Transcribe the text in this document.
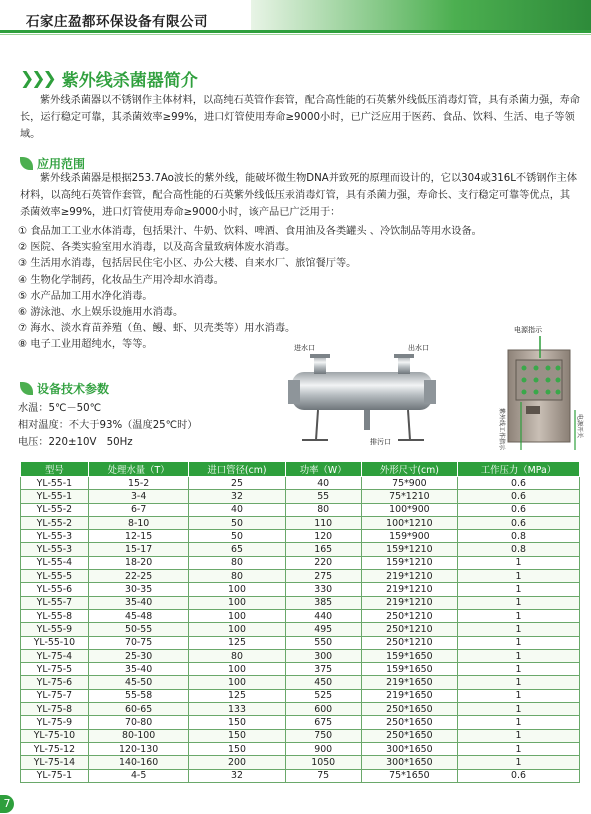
石家庄盈都环保设备有限公司
❯❯❯ 紫外线杀菌器简介
紫外线杀菌器以不锈钢作主体材料，以高纯石英管作套管，配合高性能的石英紫外线低压消毒灯管，具有杀菌力强，寿命长，运行稳定可靠，其杀菌效率≥99%，进口灯管使用寿命≥9000小时，已广泛应用于医药、食品、饮料、生活、电子等领域。
应用范围
紫外线杀菌器是根据253.7Ao波长的紫外线，能破坏微生物DNA并致死的原理而设计的，它以304或316L不锈钢作主体材料，以高纯石英管作套管，配合高性能的石英紫外线低压汞消毒灯管，具有杀菌力强，寿命长、支行稳定可靠等优点，其杀菌效率≥99%，进口灯管使用寿命≥9000小时，该产品已广泛用于：
① 食品加工工业水体消毒，包括果汁、牛奶、饮料、啤酒、食用油及各类罐头 、冷饮制品等用水设备。
② 医院、各类实验室用水消毒，以及高含量致病体废水消毒。
③ 生活用水消毒，包括居民住宅小区、办公大楼、自来水厂、旅馆餐厅等。
④ 生物化学制药，化妆品生产用冷却水消毒。
⑤ 水产品加工用水净化消毒。
⑥ 游泳池、水上娱乐设施用水消毒。
⑦ 海水、淡水育苗养殖（鱼、鳗、虾、贝壳类等）用水消毒。
⑧ 电子工业用超纯水，等等。
设备技术参数
水温：5℃－50℃
相对温度：不大于93%（温度25℃时）
电压：220±10V　50Hz
进水口	出水口
排污口
电源指示
紫外线工作指示	电源开关
型号	处理水量（T）	进口管径(cm)	功率（W）	外形尺寸(cm)	工作压力（MPa）
YL-55-1	15-2	25	40	75*900	0.6
YL-55-1	3-4	32	55	75*1210	0.6
YL-55-2	6-7	40	80	100*900	0.6
YL-55-2	8-10	50	110	100*1210	0.6
YL-55-3	12-15	50	120	159*900	0.8
YL-55-3	15-17	65	165	159*1210	0.8
YL-55-4	18-20	80	220	159*1210	1
YL-55-5	22-25	80	275	219*1210	1
YL-55-6	30-35	100	330	219*1210	1
YL-55-7	35-40	100	385	219*1210	1
YL-55-8	45-48	100	440	250*1210	1
YL-55-9	50-55	100	495	250*1210	1
YL-55-10	70-75	125	550	250*1210	1
YL-75-4	25-30	80	300	159*1650	1
YL-75-5	35-40	100	375	159*1650	1
YL-75-6	45-50	100	450	219*1650	1
YL-75-7	55-58	125	525	219*1650	1
YL-75-8	60-65	133	600	250*1650	1
YL-75-9	70-80	150	675	250*1650	1
YL-75-10	80-100	150	750	250*1650	1
YL-75-12	120-130	150	900	300*1650	1
YL-75-14	140-160	200	1050	300*1650	1
YL-75-1	4-5	32	75	75*1650	0.6
7
